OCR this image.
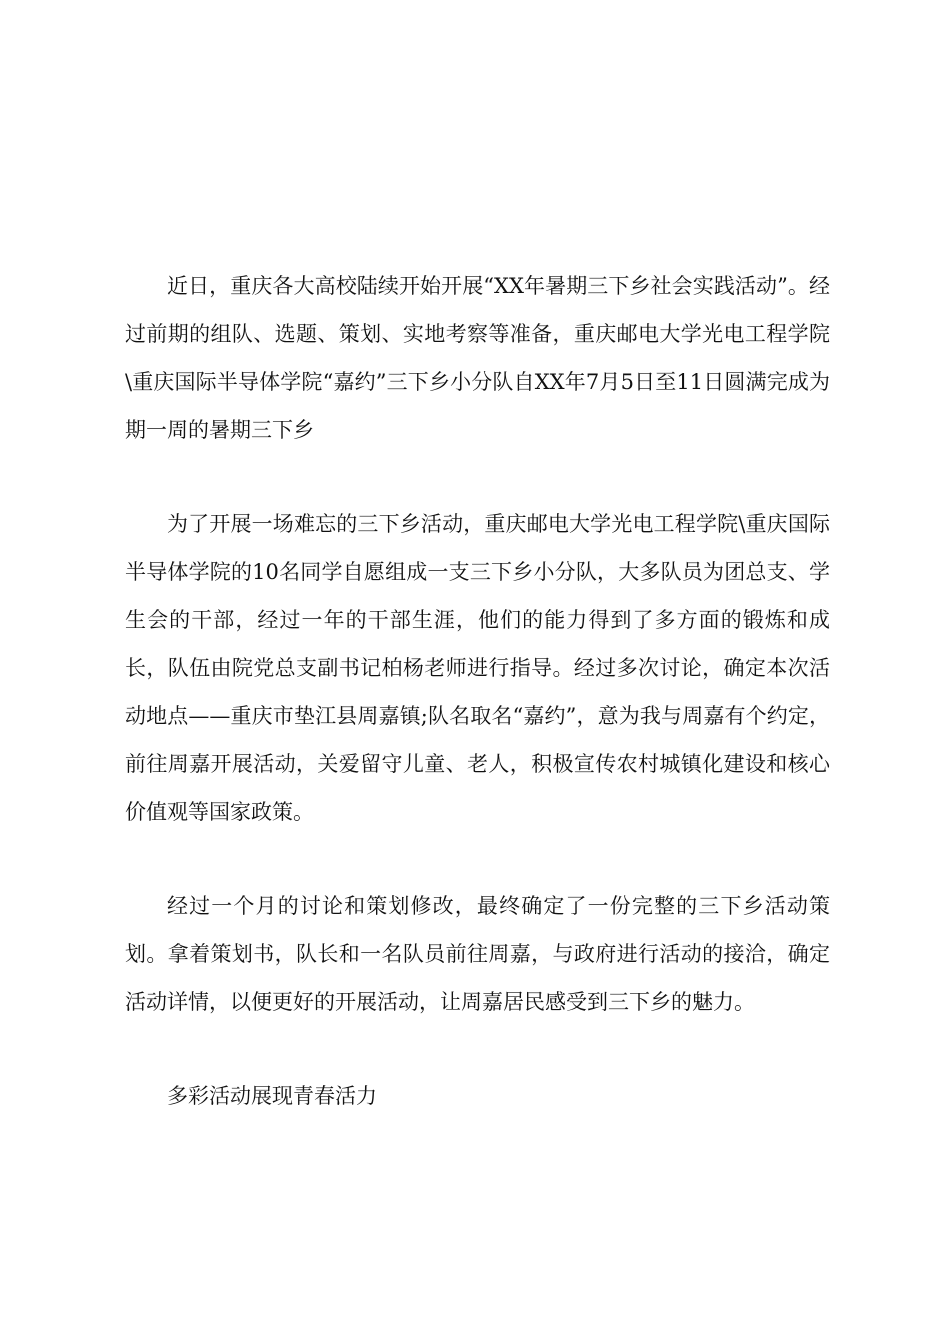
近日，重庆各大高校陆续开始开展“XX年暑期三下乡社会实践活动”。经过前期的组队、选题、策划、实地考察等准备，重庆邮电大学光电工程学院\重庆国际半导体学院“嘉约”三下乡小分队自XX年7月5日至11日圆满完成为期一周的暑期三下乡

为了开展一场难忘的三下乡活动，重庆邮电大学光电工程学院\重庆国际半导体学院的10名同学自愿组成一支三下乡小分队，大多队员为团总支、学生会的干部，经过一年的干部生涯，他们的能力得到了多方面的锻炼和成长，队伍由院党总支副书记柏杨老师进行指导。经过多次讨论，确定本次活动地点——重庆市垫江县周嘉镇;队名取名“嘉约”，意为我与周嘉有个约定，前往周嘉开展活动，关爱留守儿童、老人，积极宣传农村城镇化建设和核心价值观等国家政策。

经过一个月的讨论和策划修改，最终确定了一份完整的三下乡活动策划。拿着策划书，队长和一名队员前往周嘉，与政府进行活动的接洽，确定活动详情，以便更好的开展活动，让周嘉居民感受到三下乡的魅力。

多彩活动展现青春活力
